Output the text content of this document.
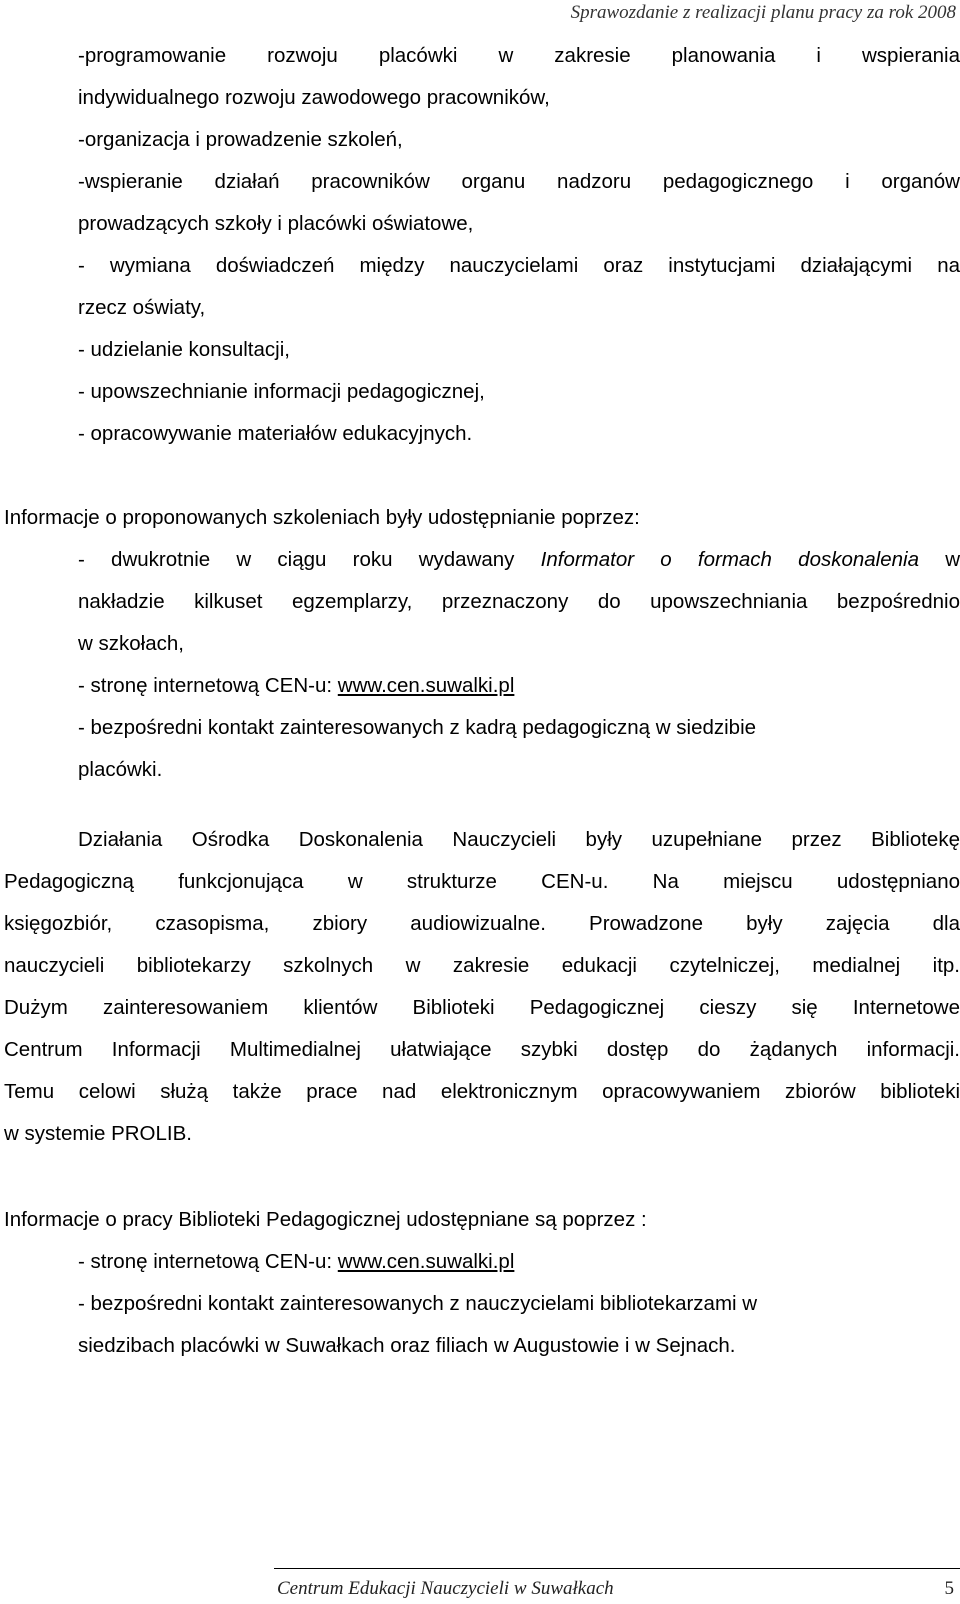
Sprawozdanie z realizacji planu pracy za rok 2008
-programowanie rozwoju placówki w zakresie planowania i wspierania
indywidualnego rozwoju zawodowego pracowników,
-organizacja i prowadzenie szkoleń,
-wspieranie działań pracowników organu nadzoru pedagogicznego i organów
prowadzących szkoły i placówki oświatowe,
- wymiana doświadczeń między nauczycielami oraz instytucjami działającymi na
rzecz oświaty,
- udzielanie konsultacji,
- upowszechnianie informacji pedagogicznej,
- opracowywanie materiałów edukacyjnych.
Informacje o proponowanych szkoleniach były udostępnianie poprzez:
- dwukrotnie w ciągu roku wydawany Informator o formach doskonalenia w
nakładzie kilkuset egzemplarzy, przeznaczony do upowszechniania bezpośrednio
w szkołach,
- stronę internetową CEN-u: www.cen.suwalki.pl
- bezpośredni kontakt zainteresowanych z kadrą pedagogiczną w siedzibie
placówki.
Działania Ośrodka Doskonalenia Nauczycieli były uzupełniane przez Bibliotekę
Pedagogiczną funkcjonująca w strukturze CEN-u. Na miejscu udostępniano
księgozbiór, czasopisma, zbiory audiowizualne. Prowadzone były zajęcia dla
nauczycieli bibliotekarzy szkolnych w zakresie edukacji czytelniczej, medialnej itp.
Dużym zainteresowaniem klientów Biblioteki Pedagogicznej cieszy się Internetowe
Centrum Informacji Multimedialnej ułatwiające szybki dostęp do żądanych informacji.
Temu celowi służą także prace nad elektronicznym opracowywaniem zbiorów biblioteki
w systemie PROLIB.
Informacje o pracy Biblioteki Pedagogicznej udostępniane są poprzez :
- stronę internetową CEN-u: www.cen.suwalki.pl
- bezpośredni kontakt zainteresowanych z nauczycielami bibliotekarzami w
siedzibach placówki w Suwałkach oraz filiach w Augustowie i w Sejnach.
Centrum Edukacji Nauczycieli w Suwałkach	5
